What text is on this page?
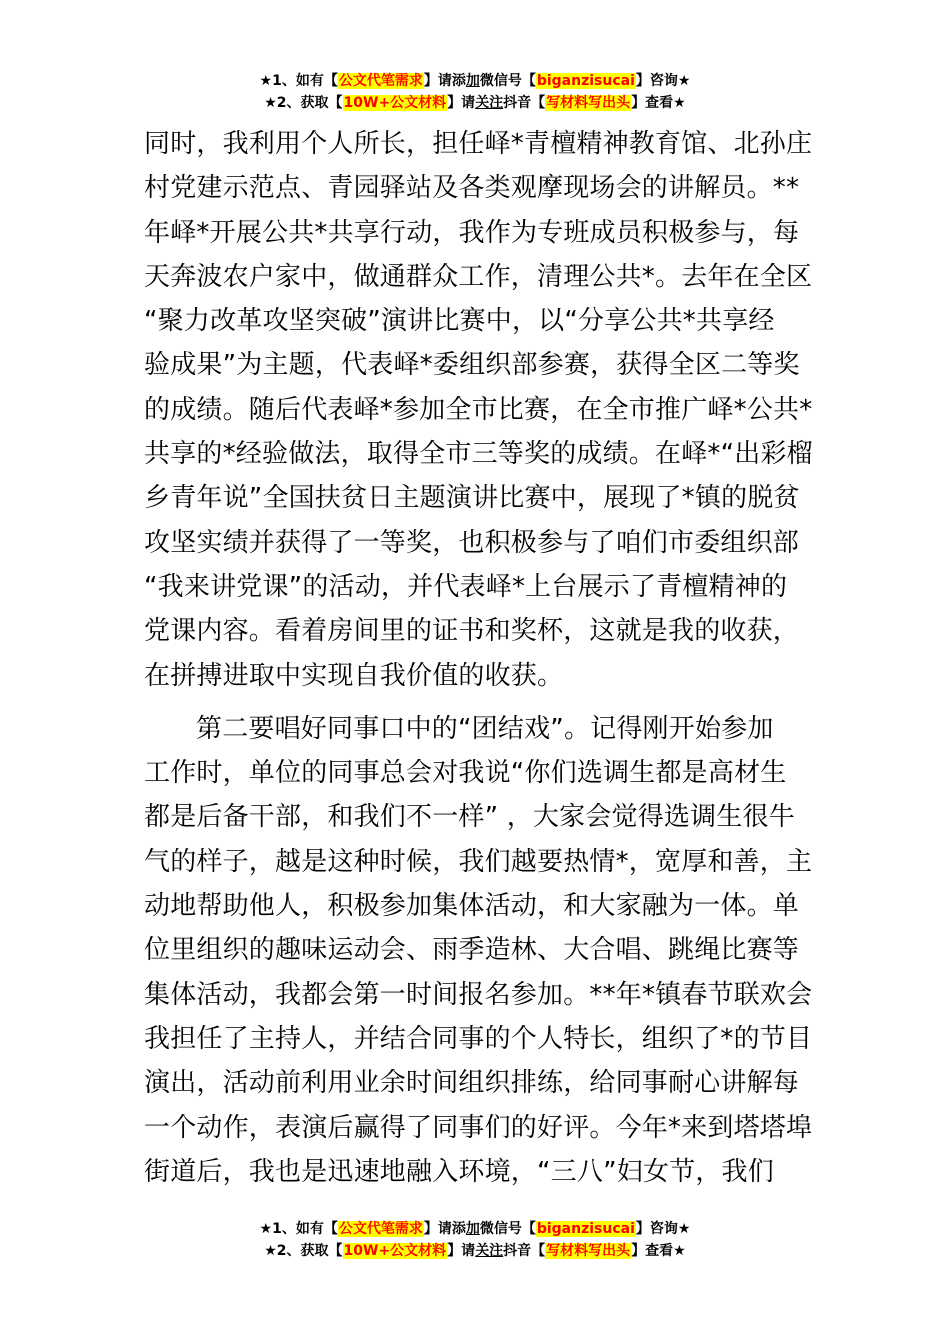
★1、如有【公文代笔需求】请添加微信号【biganzisucai】咨询★
★2、获取【10W+公文材料】请关注抖音【写材料写出头】查看★
同时，我利用个人所长，担任峄*青檀精神教育馆、北孙庄
村党建示范点、青园驿站及各类观摩现场会的讲解员。**
年峄*开展公共*共享行动，我作为专班成员积极参与，每
天奔波农户家中，做通群众工作，清理公共*。去年在全区
“聚力改革攻坚突破”演讲比赛中，以“分享公共*共享经
验成果”为主题，代表峄*委组织部参赛，获得全区二等奖
的成绩。随后代表峄*参加全市比赛，在全市推广峄*公共*
共享的*经验做法，取得全市三等奖的成绩。在峄*“出彩榴
乡青年说”全国扶贫日主题演讲比赛中，展现了*镇的脱贫
攻坚实绩并获得了一等奖，也积极参与了咱们市委组织部
“我来讲党课”的活动，并代表峄*上台展示了青檀精神的
党课内容。看着房间里的证书和奖杯，这就是我的收获，
在拼搏进取中实现自我价值的收获。
第二要唱好同事口中的“团结戏”。记得刚开始参加
工作时，单位的同事总会对我说“你们选调生都是高材生
都是后备干部，和我们不一样” ，大家会觉得选调生很牛
气的样子，越是这种时候，我们越要热情*，宽厚和善，主
动地帮助他人，积极参加集体活动，和大家融为一体。单
位里组织的趣味运动会、雨季造林、大合唱、跳绳比赛等
集体活动，我都会第一时间报名参加。**年*镇春节联欢会
我担任了主持人，并结合同事的个人特长，组织了*的节目
演出，活动前利用业余时间组织排练，给同事耐心讲解每
一个动作，表演后赢得了同事们的好评。今年*来到塔塔埠
街道后，我也是迅速地融入环境，“三八”妇女节，我们
★1、如有【公文代笔需求】请添加微信号【biganzisucai】咨询★
★2、获取【10W+公文材料】请关注抖音【写材料写出头】查看★
